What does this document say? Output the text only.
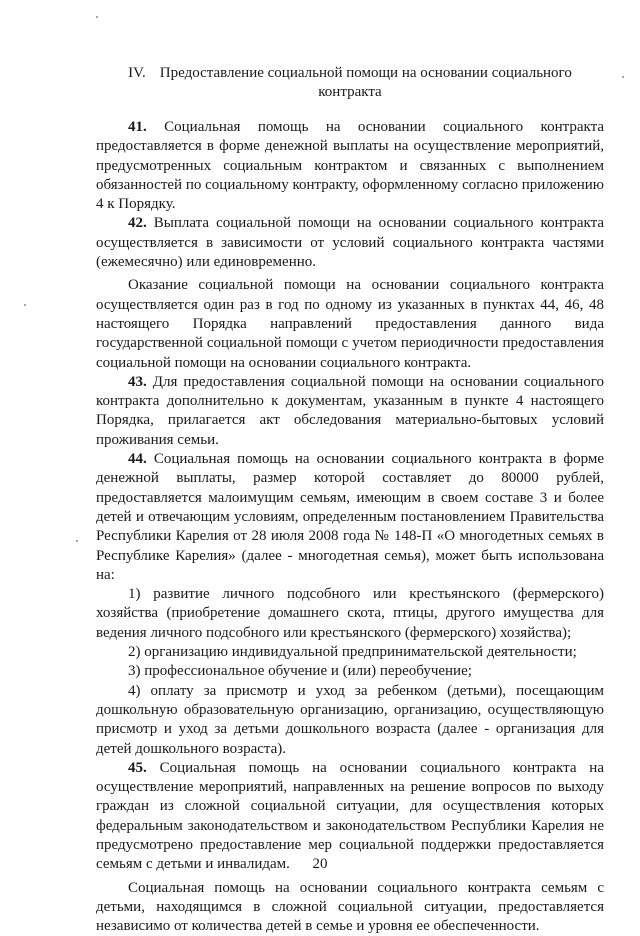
IV. Предоставление социальной помощи на основании социального контракта

41. Социальная помощь на основании социального контракта предоставляется в форме денежной выплаты на осуществление мероприятий, предусмотренных социальным контрактом и связанных с выполнением обязанностей по социальному контракту, оформленному согласно приложению 4 к Порядку.

42. Выплата социальной помощи на основании социального контракта осуществляется в зависимости от условий социального контракта частями (ежемесячно) или единовременно.

Оказание социальной помощи на основании социального контракта осуществляется один раз в год по одному из указанных в пунктах 44, 46, 48 настоящего Порядка направлений предоставления данного вида государственной социальной помощи с учетом периодичности предоставления социальной помощи на основании социального контракта.

43. Для предоставления социальной помощи на основании социального контракта дополнительно к документам, указанным в пункте 4 настоящего Порядка, прилагается акт обследования материально-бытовых условий проживания семьи.

44. Социальная помощь на основании социального контракта в форме денежной выплаты, размер которой составляет до 80000 рублей, предоставляется малоимущим семьям, имеющим в своем составе 3 и более детей и отвечающим условиям, определенным постановлением Правительства Республики Карелия от 28 июля 2008 года № 148-П «О многодетных семьях в Республике Карелия» (далее - многодетная семья), может быть использована на:

1) развитие личного подсобного или крестьянского (фермерского) хозяйства (приобретение домашнего скота, птицы, другого имущества для ведения личного подсобного или крестьянского (фермерского) хозяйства);

2) организацию индивидуальной предпринимательской деятельности;

3) профессиональное обучение и (или) переобучение;

4) оплату за присмотр и уход за ребенком (детьми), посещающим дошкольную образовательную организацию, организацию, осуществляющую присмотр и уход за детьми дошкольного возраста (далее - организация для детей дошкольного возраста).

45. Социальная помощь на основании социального контракта на осуществление мероприятий, направленных на решение вопросов по выходу граждан из сложной социальной ситуации, для осуществления которых федеральным законодательством и законодательством Республики Карелия не предусмотрено предоставление мер социальной поддержки предоставляется семьям с детьми и инвалидам.

Социальная помощь на основании социального контракта семьям с детьми, находящимся в сложной социальной ситуации, предоставляется независимо от количества детей в семье и уровня ее обеспеченности.

20
